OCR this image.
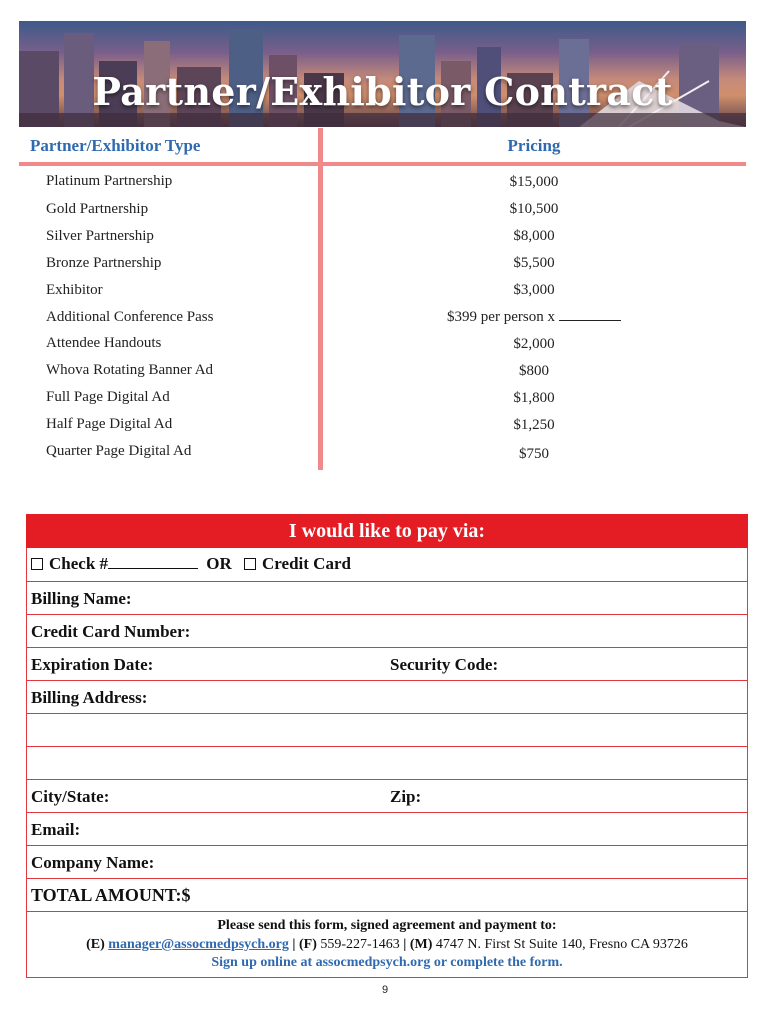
Partner/Exhibitor Contract
Partner/Exhibitor Type	Pricing
Platinum Partnership	$15,000
Gold Partnership	$10,500
Silver Partnership	$8,000
Bronze Partnership	$5,500
Exhibitor	$3,000
Additional Conference Pass	$399 per person x
Attendee Handouts	$2,000
Whova Rotating Banner Ad	$800
Full Page Digital Ad	$1,800
Half Page Digital Ad	$1,250
Quarter Page Digital Ad	$750
I would like to pay via:
Check #	OR Credit Card
Billing Name:
Credit Card Number:
Expiration Date:	Security Code:
Billing Address:
City/State:	Zip:
Email:
Company Name:
TOTAL AMOUNT:$
Please send this form, signed agreement and payment to:
(E) manager@assocmedpsych.org | (F) 559-227-1463 | (M) 4747 N. First St Suite 140, Fresno CA 93726
Sign up online at assocmedpsych.org or complete the form.
9
